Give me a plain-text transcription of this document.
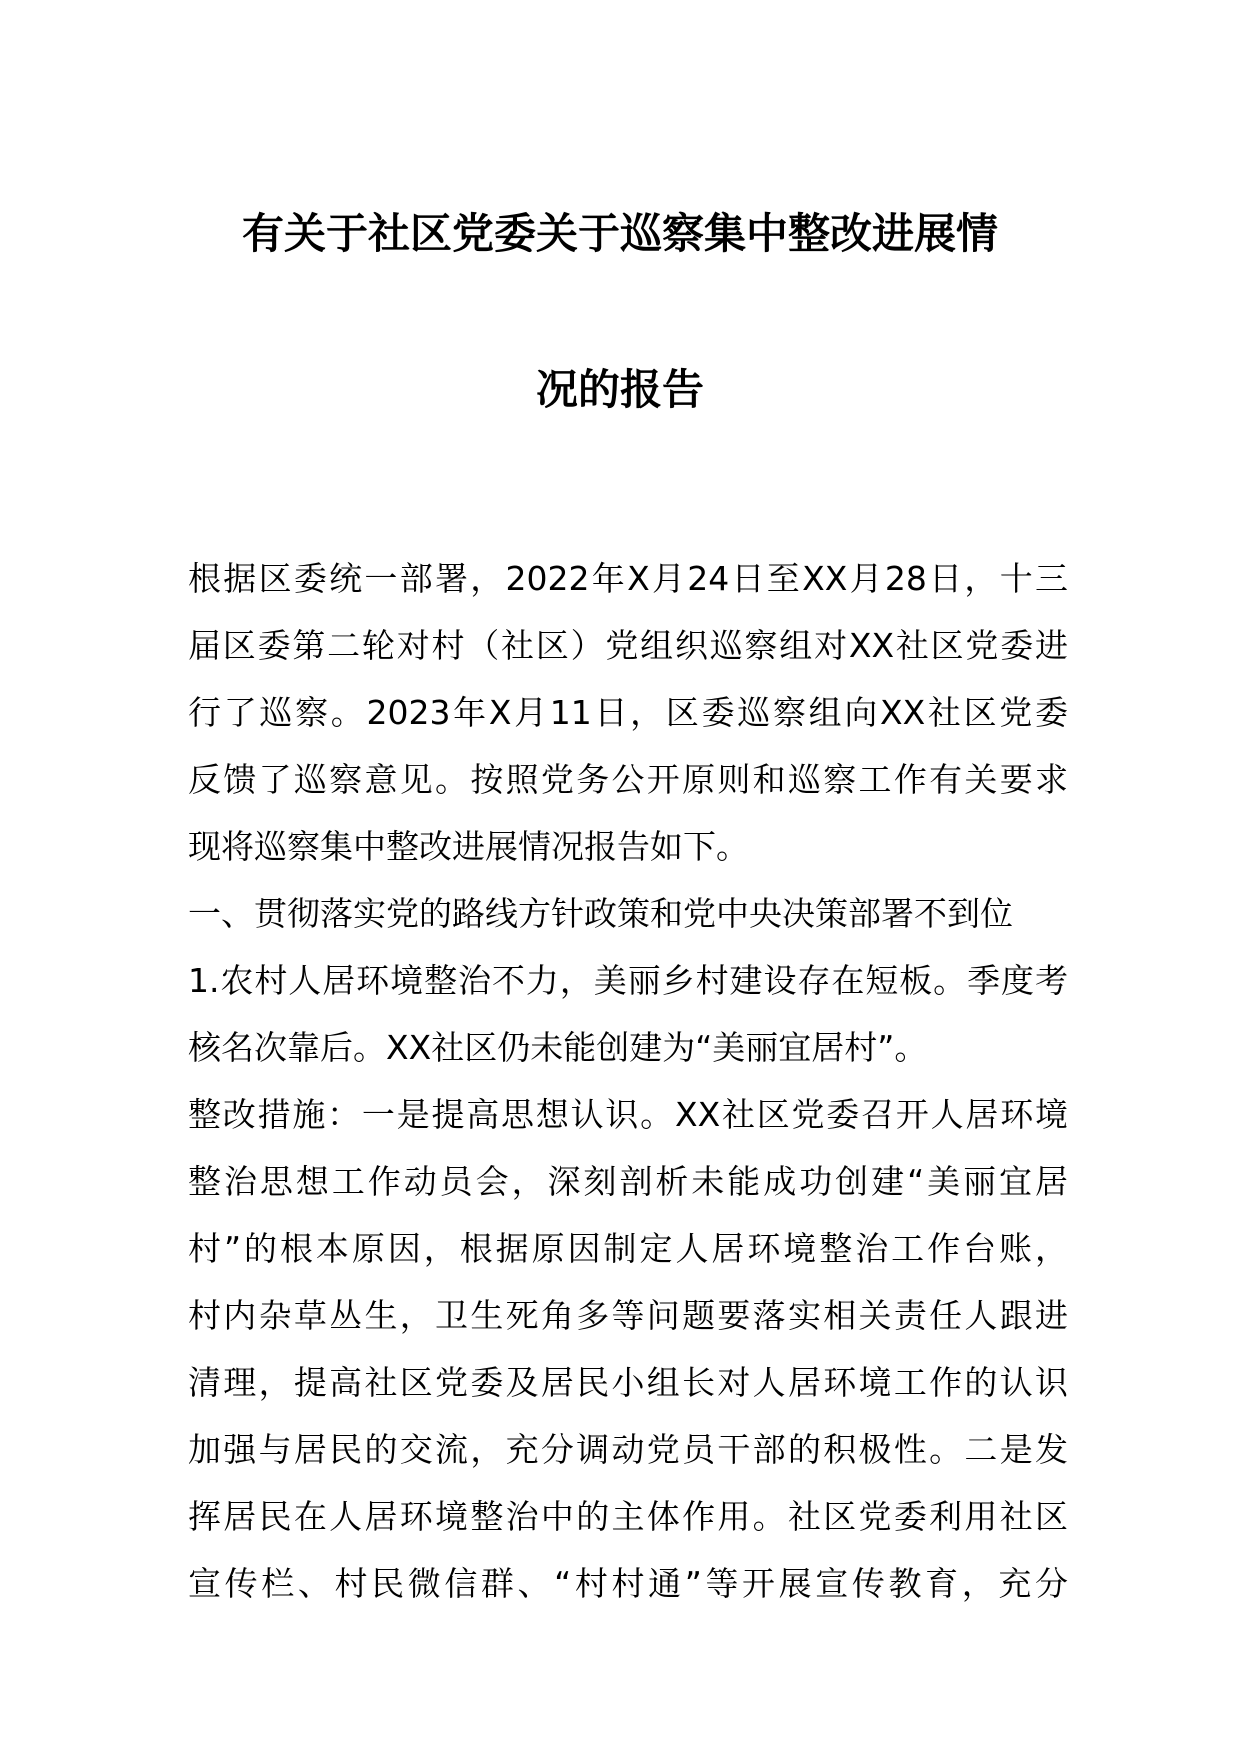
有关于社区党委关于巡察集中整改进展情
况的报告
根据区委统一部署，2022年X月24日至XX月28日，十三
届区委第二轮对村（社区）党组织巡察组对XX社区党委进
行了巡察。2023年X月11日，区委巡察组向XX社区党委
反馈了巡察意见。按照党务公开原则和巡察工作有关要求
现将巡察集中整改进展情况报告如下。
一、贯彻落实党的路线方针政策和党中央决策部署不到位
1.农村人居环境整治不力，美丽乡村建设存在短板。季度考
核名次靠后。XX社区仍未能创建为“美丽宜居村”。
整改措施：一是提高思想认识。XX社区党委召开人居环境
整治思想工作动员会，深刻剖析未能成功创建“美丽宜居
村”的根本原因，根据原因制定人居环境整治工作台账，
村内杂草丛生，卫生死角多等问题要落实相关责任人跟进
清理，提高社区党委及居民小组长对人居环境工作的认识
加强与居民的交流，充分调动党员干部的积极性。二是发
挥居民在人居环境整治中的主体作用。社区党委利用社区
宣传栏、村民微信群、“村村通”等开展宣传教育，充分
